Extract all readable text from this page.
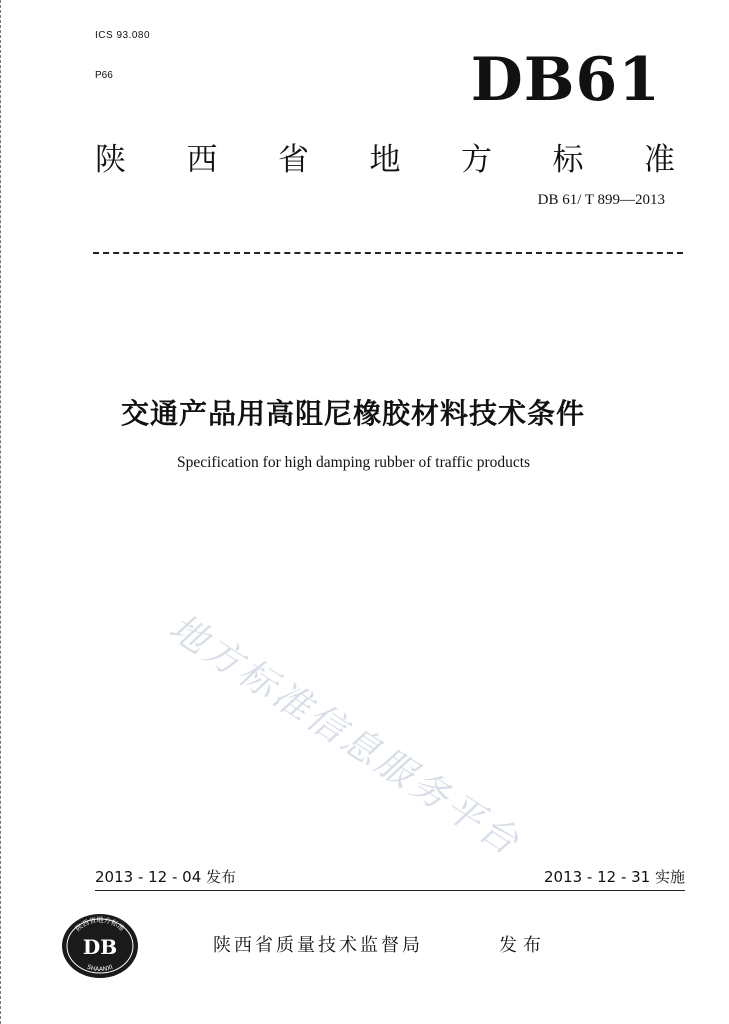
ICS 93.080
P66	DB61
陕 西 省 地 方 标 准
DB 61/ T 899—2013
交通产品用高阻尼橡胶材料技术条件
Specification for high damping rubber of traffic products
地方标准信息服务平台
2013 - 12 - 04 发布	2013 - 12 - 31 实施
陕西省地方标准
DB
SHAANXI
陕西省质量技术监督局	发布
